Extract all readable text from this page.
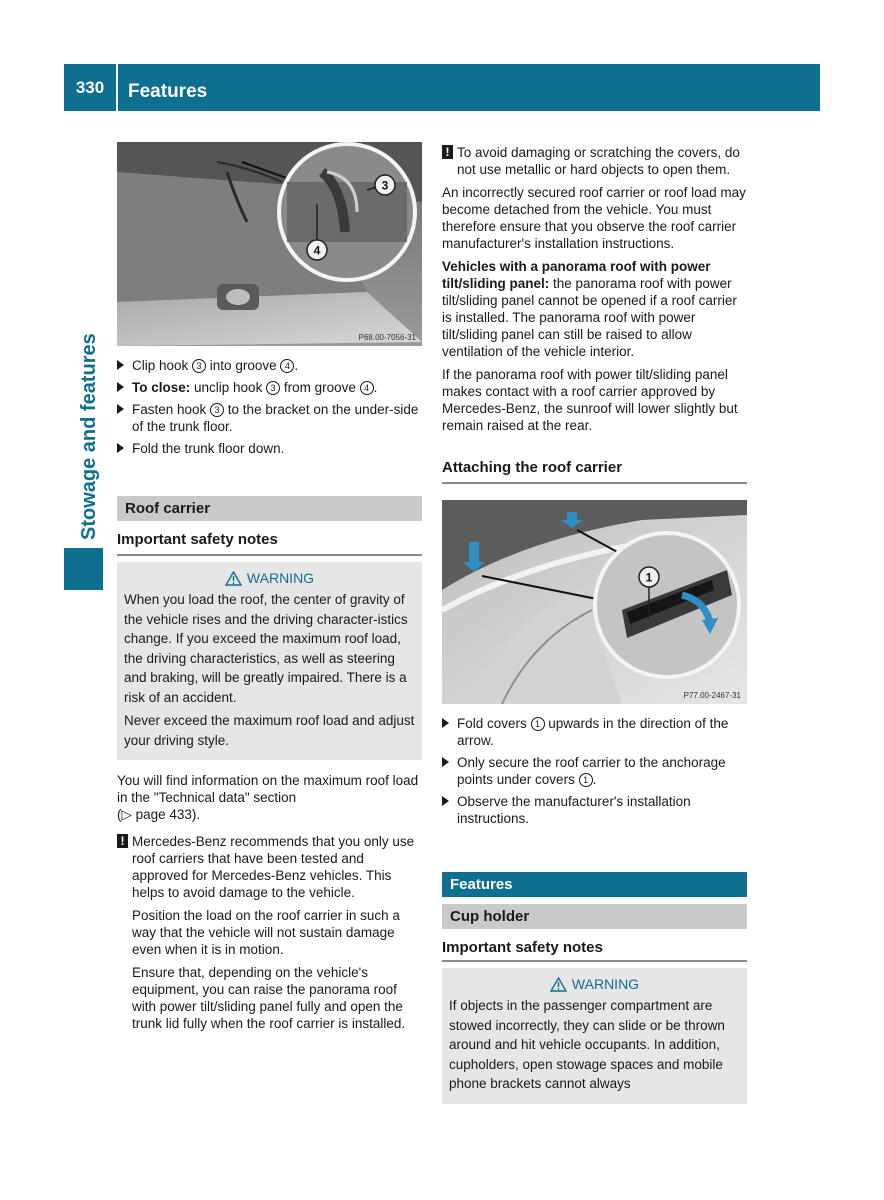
330	Features
Stowage and features
3
4
P68.00-7056-31
Clip hook 3 into groove 4 .
To close: unclip hook 3 from groove 4 .
Fasten hook 3 to the bracket on the under-side of the trunk floor.
Fold the trunk floor down.
Roof carrier
Important safety notes
WARNING

When you load the roof, the center of gravity of the vehicle rises and the driving character-istics change. If you exceed the maximum roof load, the driving characteristics, as well as steering and braking, will be greatly impaired. There is a risk of an accident.

Never exceed the maximum roof load and adjust your driving style.

You will find information on the maximum roof load in the "Technical data" section
(▷ page 433).

! Mercedes-Benz recommends that you only use roof carriers that have been tested and approved for Mercedes-Benz vehicles. This helps to avoid damage to the vehicle.

Position the load on the roof carrier in such a way that the vehicle will not sustain damage even when it is in motion.

Ensure that, depending on the vehicle's equipment, you can raise the panorama roof with power tilt/sliding panel fully and open the trunk lid fully when the roof carrier is installed.

! To avoid damaging or scratching the covers, do not use metallic or hard objects to open them.

An incorrectly secured roof carrier or roof load may become detached from the vehicle. You must therefore ensure that you observe the roof carrier manufacturer's installation instructions.

Vehicles with a panorama roof with power tilt/sliding panel: the panorama roof with power tilt/sliding panel cannot be opened if a roof carrier is installed. The panorama roof with power tilt/sliding panel can still be raised to allow ventilation of the vehicle interior.

If the panorama roof with power tilt/sliding panel makes contact with a roof carrier approved by Mercedes-Benz, the sunroof will lower slightly but remain raised at the rear.

Attaching the roof carrier
1
P77.00-2467-31
Fold covers 1 upwards in the direction of the arrow.
Only secure the roof carrier to the anchorage points under covers 1 .
Observe the manufacturer's installation instructions.
Features
Cup holder
Important safety notes
WARNING

If objects in the passenger compartment are stowed incorrectly, they can slide or be thrown around and hit vehicle occupants. In addition, cupholders, open stowage spaces and mobile phone brackets cannot always
